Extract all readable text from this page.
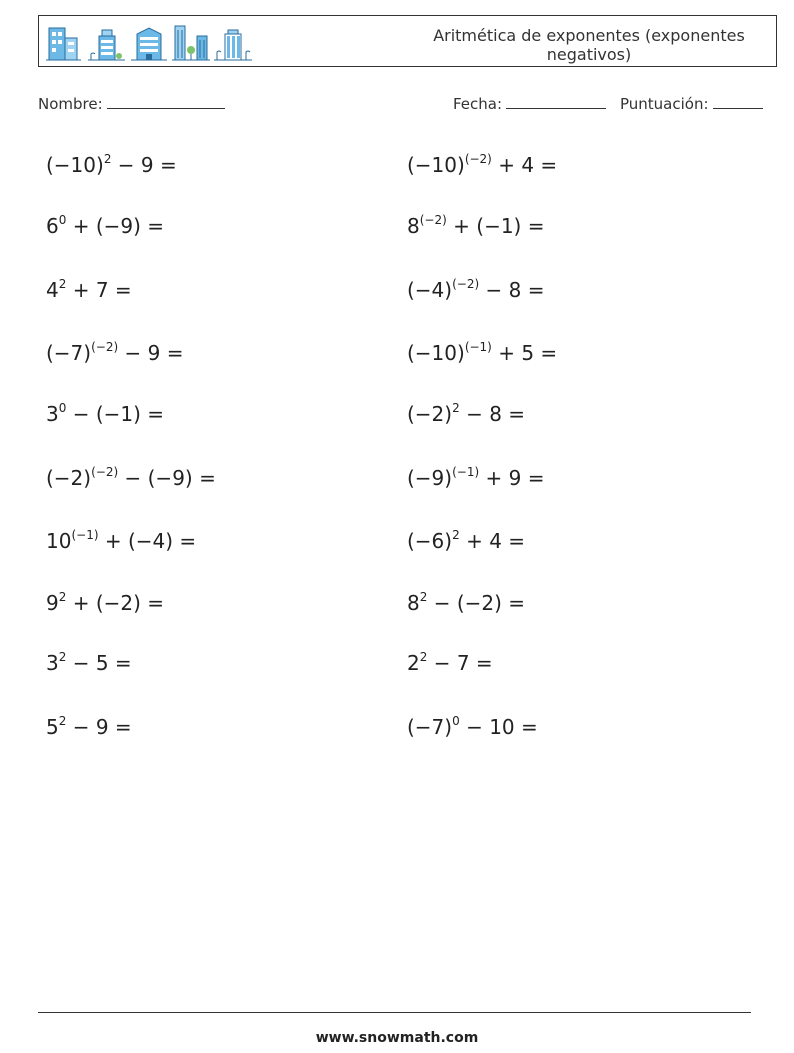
Aritmética de exponentes (exponentes negativos)
Nombre:	Fecha:	Puntuación:
$(-10)^2 - 9$ =	$(-10)^{(-2)} + 4$ =
$6^0 + (-9)$ =	$8^{(-2)} + (-1)$ =
$4^2 + 7$ =	$(-4)^{(-2)} - 8$ =
$(-7)^{(-2)} - 9$ =	$(-10)^{(-1)} + 5$ =
$3^0 - (-1)$ =	$(-2)^2 - 8$ =
$(-2)^{(-2)} - (-9)$ =	$(-9)^{(-1)} + 9$ =
$10^{(-1)} + (-4)$ =	$(-6)^2 + 4$ =
$9^2 + (-2)$ =	$8^2 - (-2)$ =
$3^2 - 5$ =	$2^2 - 7$ =
$5^2 - 9$ =	$(-7)^0 - 10$ =
www.snowmath.com
